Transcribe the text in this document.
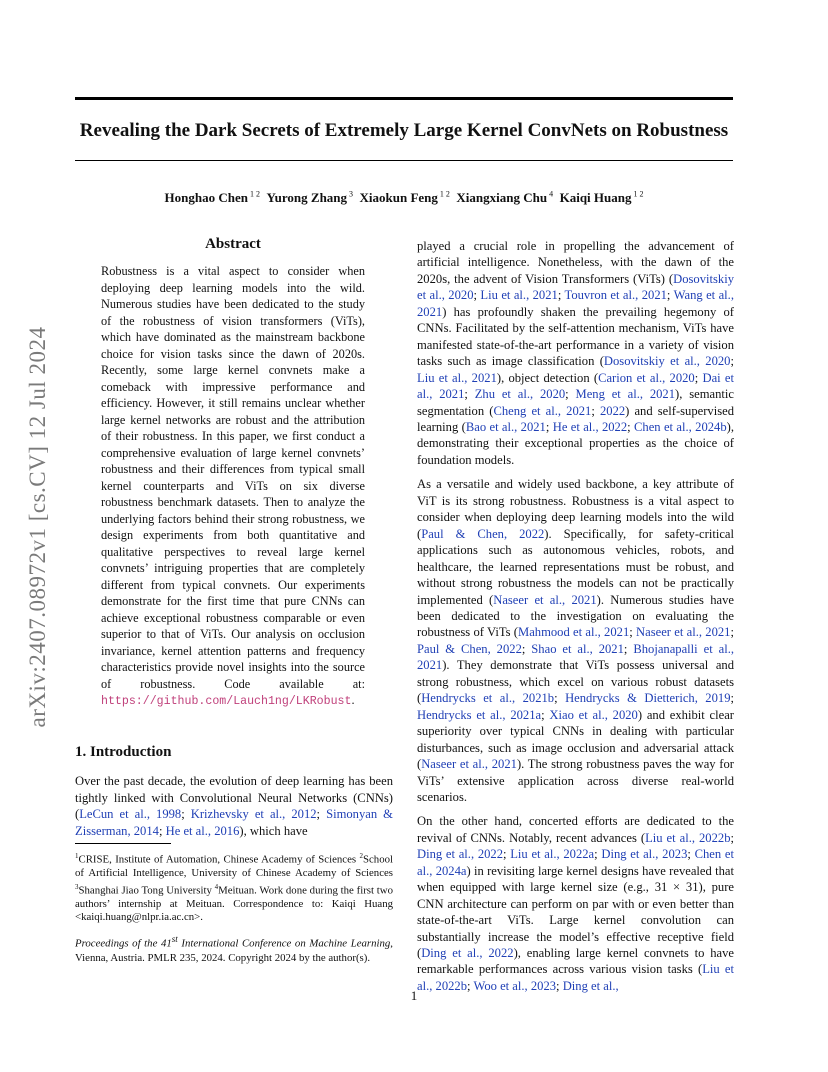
Revealing the Dark Secrets of Extremely Large Kernel ConvNets on Robustness
Honghao Chen $^{1 2}$  Yurong Zhang $^3$  Xiaokun Feng $^{1 2}$  Xiangxiang Chu $^4$  Kaiqi Huang $^{1 2}$
arXiv:2407.08972v1 [cs.CV] 12 Jul 2024
Abstract
Robustness is a vital aspect to consider when deploying deep learning models into the wild. Numerous studies have been dedicated to the study of the robustness of vision transformers (ViTs), which have dominated as the mainstream backbone choice for vision tasks since the dawn of 2020s. Recently, some large kernel convnets make a comeback with impressive performance and efficiency. However, it still remains unclear whether large kernel networks are robust and the attribution of their robustness. In this paper, we first conduct a comprehensive evaluation of large kernel convnets’ robustness and their differences from typical small kernel counterparts and ViTs on six diverse robustness benchmark datasets. Then to analyze the underlying factors behind their strong robustness, we design experiments from both quantitative and qualitative perspectives to reveal large kernel convnets’ intriguing properties that are completely different from typical convnets. Our experiments demonstrate for the first time that pure CNNs can achieve exceptional robustness comparable or even superior to that of ViTs. Our analysis on occlusion invariance, kernel attention patterns and frequency characteristics provide novel insights into the source of robustness. Code available at: https://github.com/Lauch1ng/LKRobust.
1. Introduction
Over the past decade, the evolution of deep learning has been tightly linked with Convolutional Neural Networks (CNNs) (LeCun et al., 1998; Krizhevsky et al., 2012; Simonyan & Zisserman, 2014; He et al., 2016), which have
$^1$CRISE, Institute of Automation, Chinese Academy of Sciences $^2$School of Artificial Intelligence, University of Chinese Academy of Sciences $^3$Shanghai Jiao Tong University $^4$Meituan. Work done during the first two authors’ internship at Meituan. Correspondence to: Kaiqi Huang <kaiqi.huang@nlpr.ia.ac.cn>.
Proceedings of the 41st International Conference on Machine Learning, Vienna, Austria. PMLR 235, 2024. Copyright 2024 by the author(s).

played a crucial role in propelling the advancement of artificial intelligence. Nonetheless, with the dawn of the 2020s, the advent of Vision Transformers (ViTs) (Dosovitskiy et al., 2020; Liu et al., 2021; Touvron et al., 2021; Wang et al., 2021) has profoundly shaken the prevailing hegemony of CNNs. Facilitated by the self-attention mechanism, ViTs have manifested state-of-the-art performance in a variety of vision tasks such as image classification (Dosovitskiy et al., 2020; Liu et al., 2021), object detection (Carion et al., 2020; Dai et al., 2021; Zhu et al., 2020; Meng et al., 2021), semantic segmentation (Cheng et al., 2021; 2022) and self-supervised learning (Bao et al., 2021; He et al., 2022; Chen et al., 2024b), demonstrating their exceptional properties as the choice of foundation models.

As a versatile and widely used backbone, a key attribute of ViT is its strong robustness. Robustness is a vital aspect to consider when deploying deep learning models into the wild (Paul & Chen, 2022). Specifically, for safety-critical applications such as autonomous vehicles, robots, and healthcare, the learned representations must be robust, and without strong robustness the models can not be practically implemented (Naseer et al., 2021). Numerous studies have been dedicated to the investigation on evaluating the robustness of ViTs (Mahmood et al., 2021; Naseer et al., 2021; Paul & Chen, 2022; Shao et al., 2021; Bhojanapalli et al., 2021). They demonstrate that ViTs possess universal and strong robustness, which excel on various robust datasets (Hendrycks et al., 2021b; Hendrycks & Dietterich, 2019; Hendrycks et al., 2021a; Xiao et al., 2020) and exhibit clear superiority over typical CNNs in dealing with particular disturbances, such as image occlusion and adversarial attack (Naseer et al., 2021). The strong robustness paves the way for ViTs’ extensive application across diverse real-world scenarios.

On the other hand, concerted efforts are dedicated to the revival of CNNs. Notably, recent advances (Liu et al., 2022b; Ding et al., 2022; Liu et al., 2022a; Ding et al., 2023; Chen et al., 2024a) in revisiting large kernel designs have revealed that when equipped with large kernel size (e.g., 31 × 31), pure CNN architecture can perform on par with or even better than state-of-the-art ViTs. Large kernel convolution can substantially increase the model’s effective receptive field (Ding et al., 2022), enabling large kernel convnets to have remarkable performances across various vision tasks (Liu et al., 2022b; Woo et al., 2023; Ding et al.,

1
